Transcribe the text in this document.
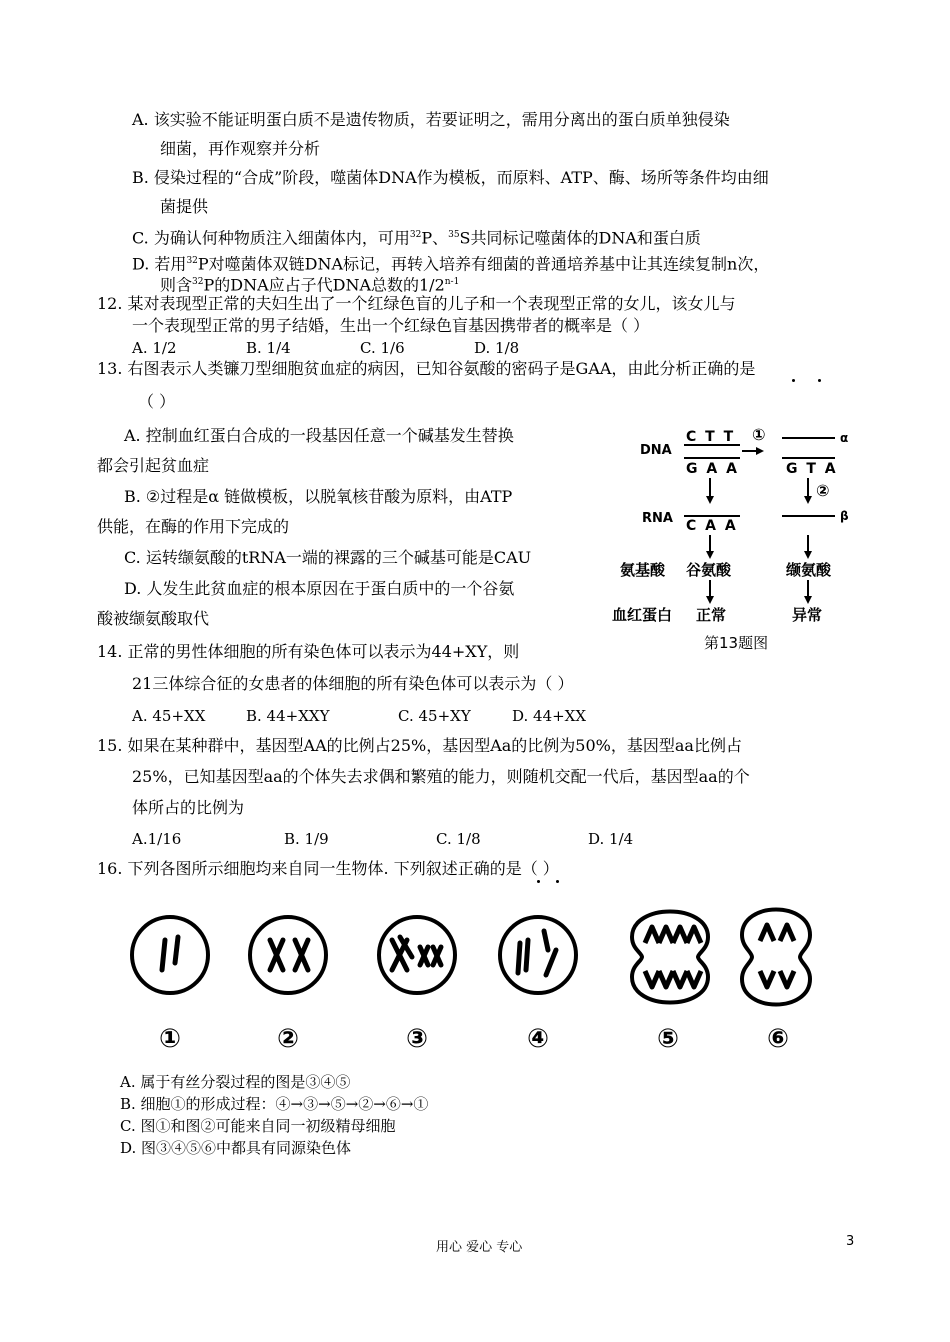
A. 该实验不能证明蛋白质不是遗传物质，若要证明之，需用分离出的蛋白质单独侵染
细菌，再作观察并分析
B. 侵染过程的“合成”阶段，噬菌体DNA作为模板，而原料、ATP、酶、场所等条件均由细
菌提供
C. 为确认何种物质注入细菌体内，可用$^{32}$P、$^{35}$S共同标记噬菌体的DNA和蛋白质
D. 若用$^{32}$P对噬菌体双链DNA标记，再转入培养有细菌的普通培养基中让其连续复制n次，
则含$^{32}$P的DNA应占子代DNA总数的1/2$^{n-1}$
12. 某对表现型正常的夫妇生出了一个红绿色盲的儿子和一个表现型正常的女儿，该女儿与
一个表现型正常的男子结婚，生出一个红绿色盲基因携带者的概率是（ ）
A. 1/2	B. 1/4	C. 1/6	D. 1/8
13. 右图表示人类镰刀型细胞贫血症的病因，已知谷氨酸的密码子是GAA，由此分析正确的是
（ ）
A. 控制血红蛋白合成的一段基因任意一个碱基发生替换
都会引起贫血症
B. ②过程是α 链做模板，以脱氧核苷酸为原料，由ATP
供能，在酶的作用下完成的
C. 运转缬氨酸的tRNA一端的裸露的三个碱基可能是CAU
D. 人发生此贫血症的根本原因在于蛋白质中的一个谷氨
酸被缬氨酸取代
DNA
RNA
氨基酸
血红蛋白
C T T
G A A
①	α
G T A
②
C A A
β
谷氨酸	缬氨酸
正常	异常
第13题图
14. 正常的男性体细胞的所有染色体可以表示为44+XY，则
21三体综合征的女患者的体细胞的所有染色体可以表示为（ ）
A. 45+XX	B. 44+XXY	C. 45+XY	D. 44+XX
15. 如果在某种群中，基因型AA的比例占25%，基因型Aa的比例为50%，基因型aa比例占
25%，已知基因型aa的个体失去求偶和繁殖的能力，则随机交配一代后，基因型aa的个
体所占的比例为
A.1/16	B. 1/9	C. 1/8	D. 1/4
16. 下列各图所示细胞均来自同一生物体. 下列叙述正确的是（ ）
①	②	③	④	⑤	⑥
A. 属于有丝分裂过程的图是③④⑤
B. 细胞①的形成过程：④→③→⑤→②→⑥→①
C. 图①和图②可能来自同一初级精母细胞
D. 图③④⑤⑥中都具有同源染色体
用心 爱心 专心	3
